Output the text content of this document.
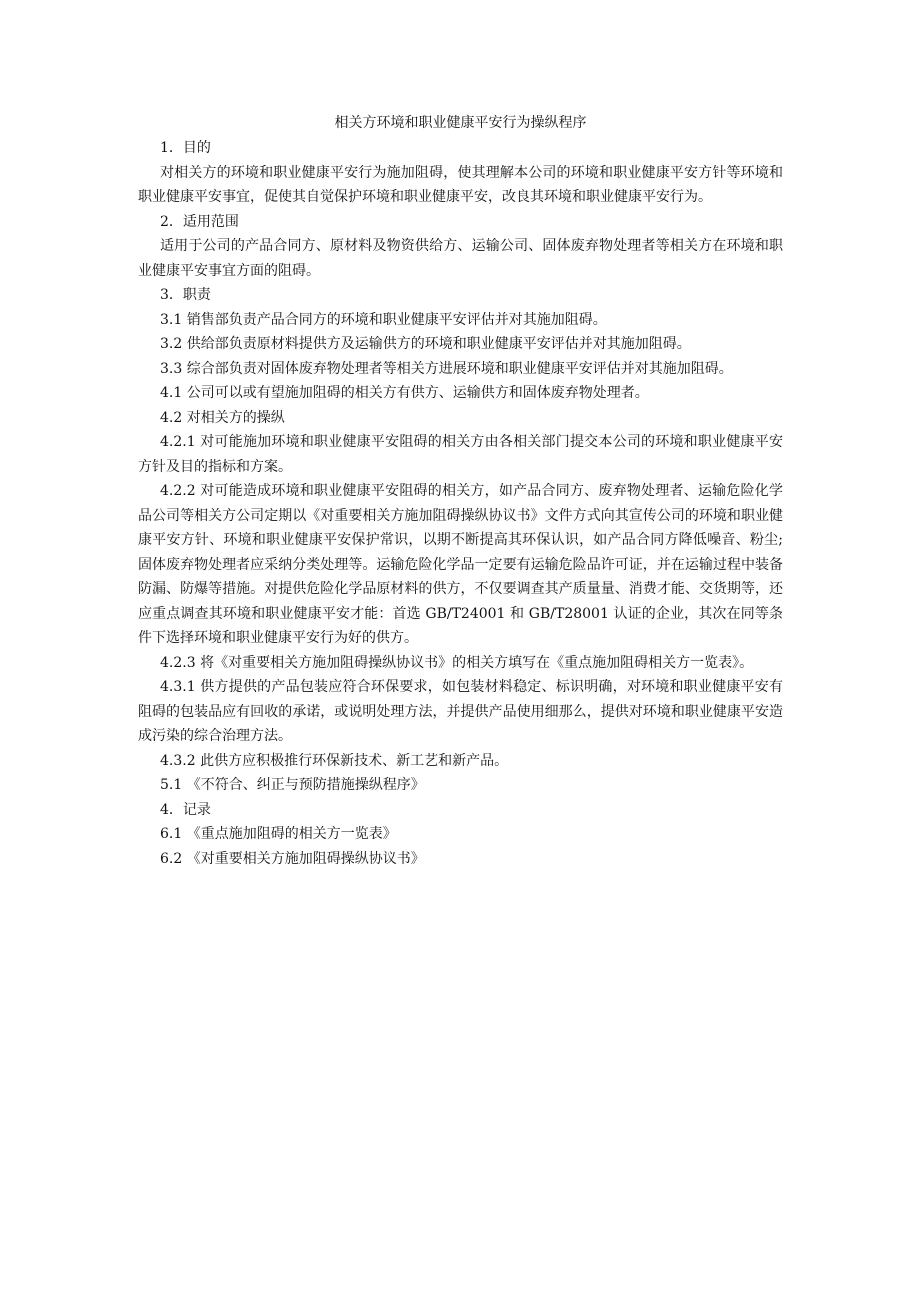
相关方环境和职业健康平安行为操纵程序

1．目的

对相关方的环境和职业健康平安行为施加阻碍，使其理解本公司的环境和职业健康平安方针等环境和职业健康平安事宜，促使其自觉保护环境和职业健康平安，改良其环境和职业健康平安行为。

2．适用范围

适用于公司的产品合同方、原材料及物资供给方、运输公司、固体废弃物处理者等相关方在环境和职业健康平安事宜方面的阻碍。

3．职责

3.1 销售部负责产品合同方的环境和职业健康平安评估并对其施加阻碍。

3.2 供给部负责原材料提供方及运输供方的环境和职业健康平安评估并对其施加阻碍。

3.3 综合部负责对固体废弃物处理者等相关方进展环境和职业健康平安评估并对其施加阻碍。

4.1 公司可以或有望施加阻碍的相关方有供方、运输供方和固体废弃物处理者。

4.2 对相关方的操纵

4.2.1 对可能施加环境和职业健康平安阻碍的相关方由各相关部门提交本公司的环境和职业健康平安方针及目的指标和方案。

4.2.2 对可能造成环境和职业健康平安阻碍的相关方，如产品合同方、废弃物处理者、运输危险化学品公司等相关方公司定期以《对重要相关方施加阻碍操纵协议书》文件方式向其宣传公司的环境和职业健康平安方针、环境和职业健康平安保护常识，以期不断提高其环保认识，如产品合同方降低噪音、粉尘; 固体废弃物处理者应采纳分类处理等。运输危险化学品一定要有运输危险品许可证，并在运输过程中装备防漏、防爆等措施。对提供危险化学品原材料的供方，不仅要调查其产质量量、消费才能、交货期等，还应重点调查其环境和职业健康平安才能：首选 GB/T24001 和 GB/T28001 认证的企业，其次在同等条件下选择环境和职业健康平安行为好的供方。

4.2.3 将《对重要相关方施加阻碍操纵协议书》的相关方填写在《重点施加阻碍相关方一览表》。

4.3.1 供方提供的产品包装应符合环保要求，如包装材料稳定、标识明确，对环境和职业健康平安有阻碍的包装品应有回收的承诺，或说明处理方法，并提供产品使用细那么，提供对环境和职业健康平安造成污染的综合治理方法。

4.3.2 此供方应积极推行环保新技术、新工艺和新产品。

5.1 《不符合、纠正与预防措施操纵程序》

4．记录

6.1 《重点施加阻碍的相关方一览表》

6.2 《对重要相关方施加阻碍操纵协议书》
